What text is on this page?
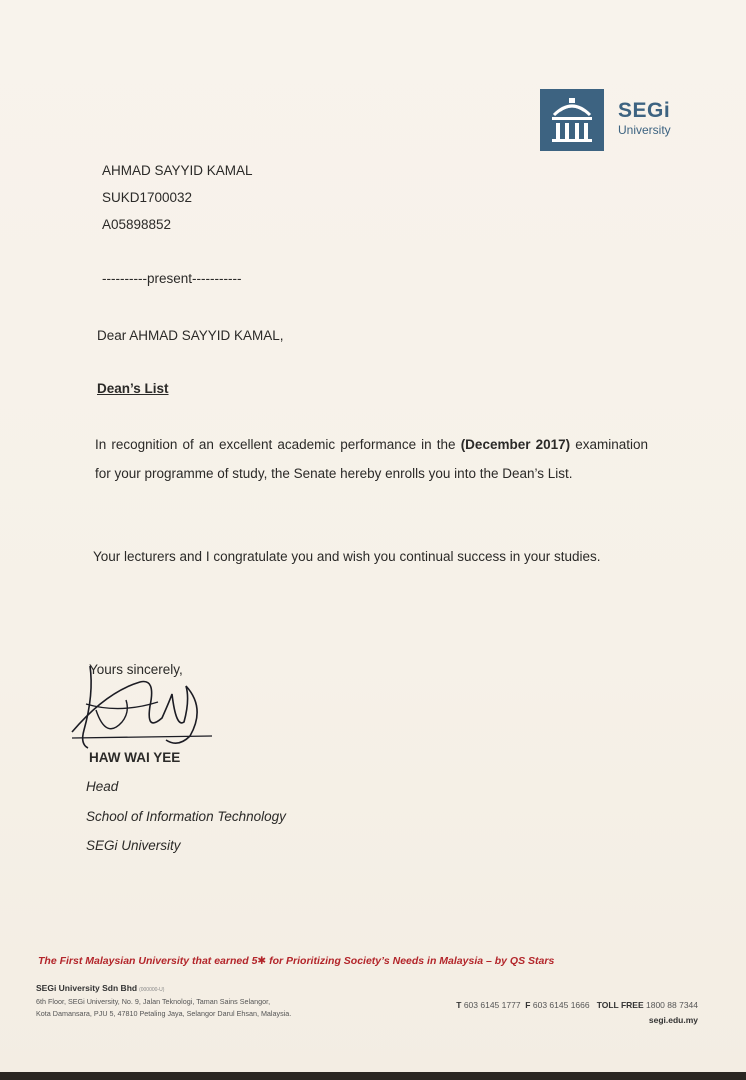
SEGi
University
AHMAD SAYYID KAMAL
SUKD1700032
A05898852
----------present-----------
Dear AHMAD SAYYID KAMAL,
Dean’s List
In recognition of an excellent academic performance in the (December 2017) examination for your programme of study, the Senate hereby enrolls you into the Dean’s List.
Your lecturers and I congratulate you and wish you continual success in your studies.
Yours sincerely,
HAW WAI YEE
Head
School of Information Technology
SEGi University
The First Malaysian University that earned 5✱ for Prioritizing Society’s Needs in Malaysia – by QS Stars
SEGi University Sdn Bhd (000000-U)
6th Floor, SEGi University, No. 9, Jalan Teknologi, Taman Sains Selangor,
Kota Damansara, PJU 5, 47810 Petaling Jaya, Selangor Darul Ehsan, Malaysia.
T 603 6145 1777 F 603 6145 1666 TOLL FREE 1800 88 7344
segi.edu.my
